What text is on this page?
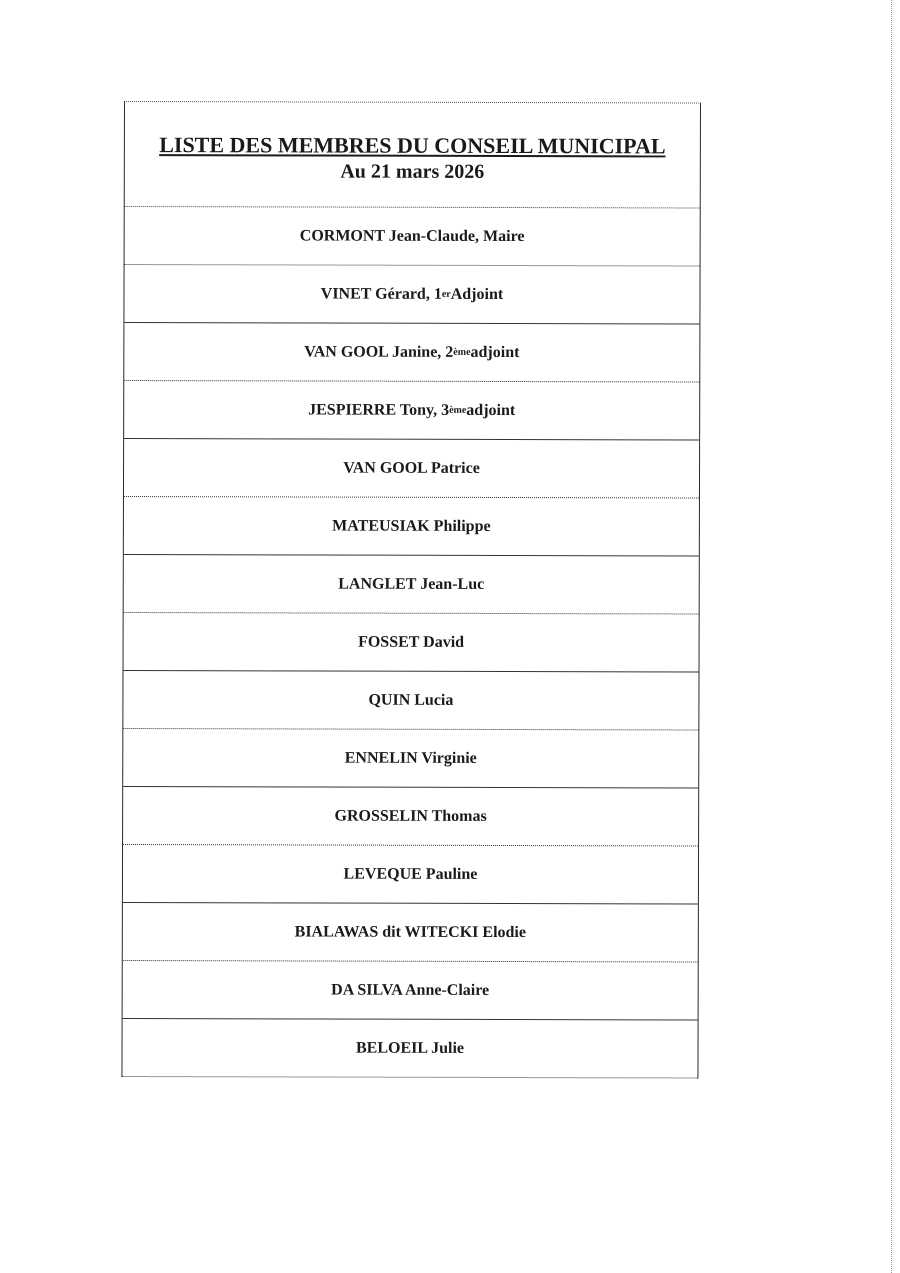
LISTE DES MEMBRES DU CONSEIL MUNICIPAL
Au 21 mars 2026
CORMONT Jean-Claude, Maire
VINET Gérard, 1 er Adjoint
VAN GOOL Janine, 2 ème adjoint
JESPIERRE Tony, 3 ème adjoint
VAN GOOL Patrice
MATEUSIAK Philippe
LANGLET Jean-Luc
FOSSET David
QUIN Lucia
ENNELIN Virginie
GROSSELIN Thomas
LEVEQUE Pauline
BIALAWAS dit WITECKI Elodie
DA SILVA Anne-Claire
BELOEIL Julie
